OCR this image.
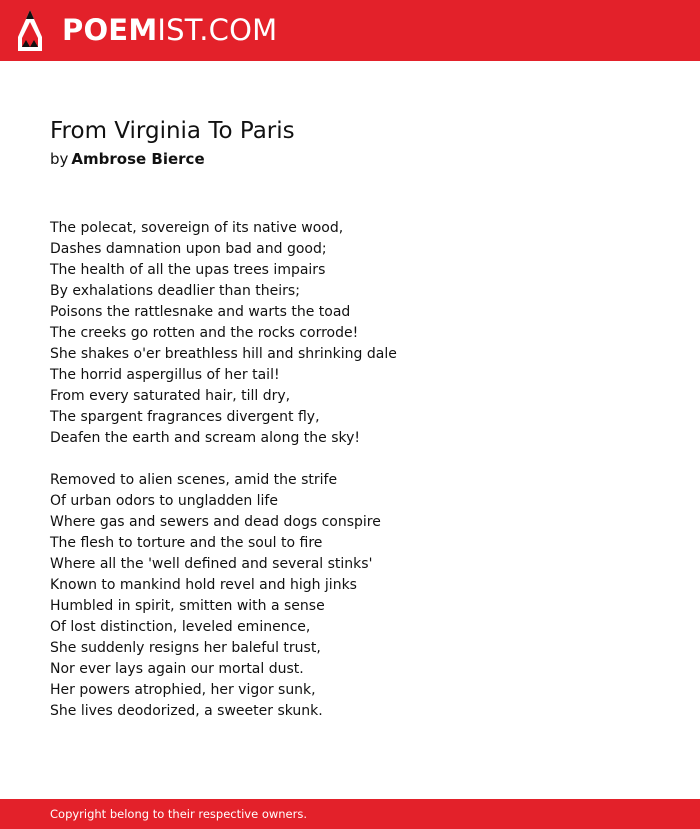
POEMIST.COM
From Virginia To Paris
by Ambrose Bierce
The polecat, sovereign of its native wood,
Dashes damnation upon bad and good;
The health of all the upas trees impairs
By exhalations deadlier than theirs;
Poisons the rattlesnake and warts the toad
The creeks go rotten and the rocks corrode!
She shakes o'er breathless hill and shrinking dale
The horrid aspergillus of her tail!
From every saturated hair, till dry,
The spargent fragrances divergent fly,
Deafen the earth and scream along the sky!
Removed to alien scenes, amid the strife
Of urban odors to ungladden life
Where gas and sewers and dead dogs conspire
The flesh to torture and the soul to fire
Where all the 'well defined and several stinks'
Known to mankind hold revel and high jinks
Humbled in spirit, smitten with a sense
Of lost distinction, leveled eminence,
She suddenly resigns her baleful trust,
Nor ever lays again our mortal dust.
Her powers atrophied, her vigor sunk,
She lives deodorized, a sweeter skunk.
Copyright belong to their respective owners.
